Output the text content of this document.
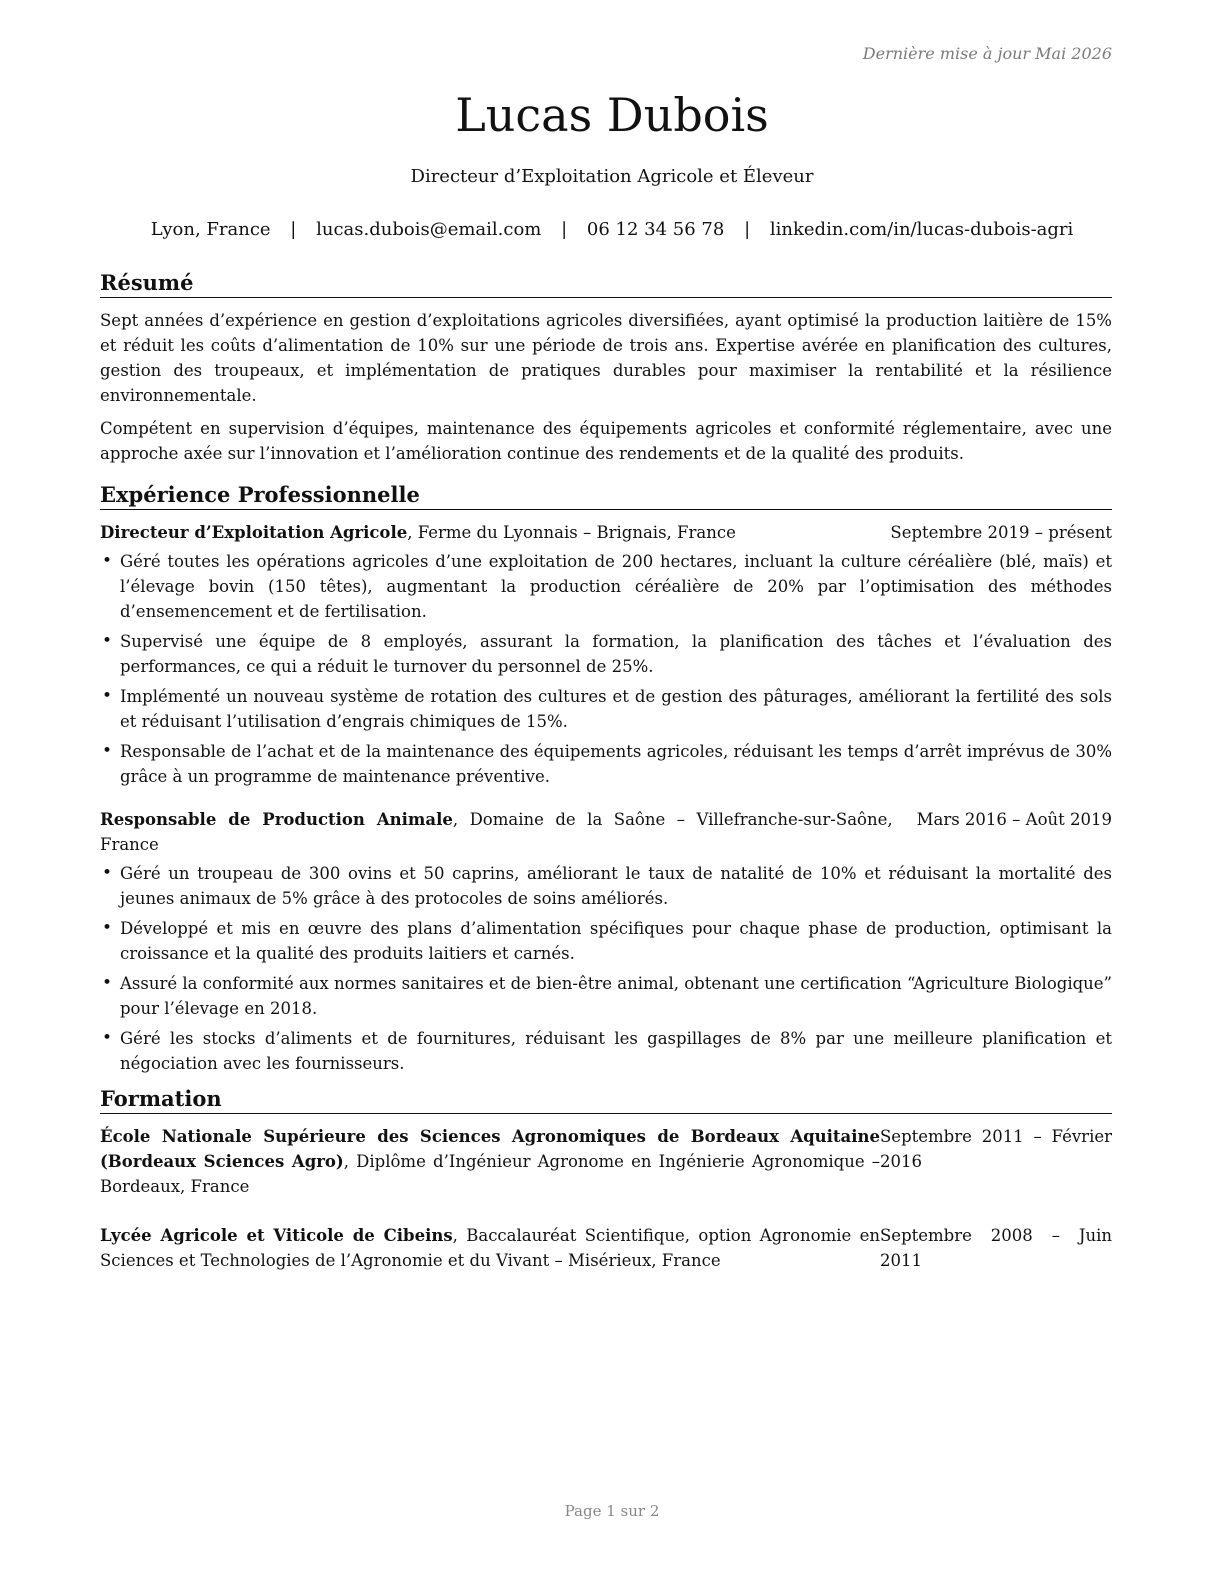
Dernière mise à jour Mai 2026
Lucas Dubois
Directeur d’Exploitation Agricole et Éleveur
Lyon, France | lucas.dubois@email.com | 06 12 34 56 78 | linkedin.com/in/lucas-dubois-agri
Résumé

Sept années d’expérience en gestion d’exploitations agricoles diversifiées, ayant optimisé la production laitière de 15% et réduit les coûts d’alimentation de 10% sur une période de trois ans. Expertise avérée en planification des cultures, gestion des troupeaux, et implémentation de pratiques durables pour maximiser la rentabilité et la résilience environnementale.

Compétent en supervision d’équipes, maintenance des équipements agricoles et conformité réglementaire, avec une approche axée sur l’innovation et l’amélioration continue des rendements et de la qualité des produits.

Expérience Professionnelle
Directeur d’Exploitation Agricole, Ferme du Lyonnais – Brignais, France	Septembre 2019 – présent
• Géré toutes les opérations agricoles d’une exploitation de 200 hectares, incluant la culture céréalière (blé, maïs) et l’élevage bovin (150 têtes), augmentant la production céréalière de 20% par l’optimisation des méthodes d’ensemencement et de fertilisation.
• Supervisé une équipe de 8 employés, assurant la formation, la planification des tâches et l’évaluation des performances, ce qui a réduit le turnover du personnel de 25%.
• Implémenté un nouveau système de rotation des cultures et de gestion des pâturages, améliorant la fertilité des sols et réduisant l’utilisation d’engrais chimiques de 15%.
• Responsable de l’achat et de la maintenance des équipements agricoles, réduisant les temps d’arrêt imprévus de 30% grâce à un programme de maintenance préventive.
Responsable de Production Animale, Domaine de la Saône – Villefranche-sur-Saône, France
Mars 2016 – Août 2019
• Géré un troupeau de 300 ovins et 50 caprins, améliorant le taux de natalité de 10% et réduisant la mortalité des jeunes animaux de 5% grâce à des protocoles de soins améliorés.
• Développé et mis en œuvre des plans d’alimentation spécifiques pour chaque phase de production, optimisant la croissance et la qualité des produits laitiers et carnés.
• Assuré la conformité aux normes sanitaires et de bien-être animal, obtenant une certification “Agriculture Biologique” pour l’élevage en 2018.
• Géré les stocks d’aliments et de fournitures, réduisant les gaspillages de 8% par une meilleure planification et négociation avec les fournisseurs.
Formation
École Nationale Supérieure des Sciences Agronomiques de Bordeaux Aquitaine (Bordeaux Sciences Agro), Diplôme d’Ingénieur Agronome en Ingénierie Agronomique – Bordeaux, France
Septembre 2011 – Février 2016
Lycée Agricole et Viticole de Cibeins, Baccalauréat Scientifique, option Agronomie en Sciences et Technologies de l’Agronomie et du Vivant – Misérieux, France
Septembre 2008 – Juin 2011
Page 1 sur 2
